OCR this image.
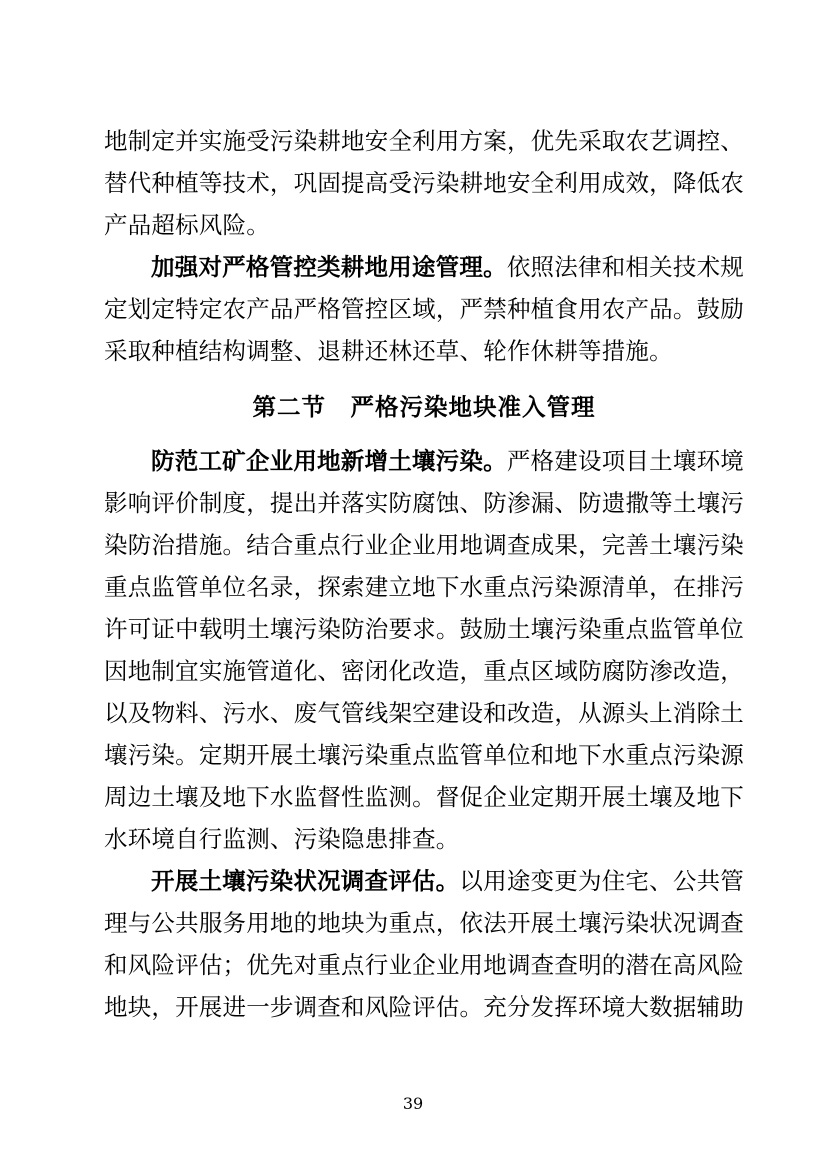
地制定并实施受污染耕地安全利用方案，优先采取农艺调控、替代种植等技术，巩固提高受污染耕地安全利用成效，降低农产品超标风险。

加强对严格管控类耕地用途管理。依照法律和相关技术规定划定特定农产品严格管控区域，严禁种植食用农产品。鼓励采取种植结构调整、退耕还林还草、轮作休耕等措施。

第二节　严格污染地块准入管理

防范工矿企业用地新增土壤污染。严格建设项目土壤环境影响评价制度，提出并落实防腐蚀、防渗漏、防遗撒等土壤污染防治措施。结合重点行业企业用地调查成果，完善土壤污染重点监管单位名录，探索建立地下水重点污染源清单，在排污许可证中载明土壤污染防治要求。鼓励土壤污染重点监管单位因地制宜实施管道化、密闭化改造，重点区域防腐防渗改造，以及物料、污水、废气管线架空建设和改造，从源头上消除土壤污染。定期开展土壤污染重点监管单位和地下水重点污染源周边土壤及地下水监督性监测。督促企业定期开展土壤及地下水环境自行监测、污染隐患排查。

开展土壤污染状况调查评估。以用途变更为住宅、公共管理与公共服务用地的地块为重点，依法开展土壤污染状况调查和风险评估；优先对重点行业企业用地调查查明的潜在高风险地块，开展进一步调查和风险评估。充分发挥环境大数据辅助

39
